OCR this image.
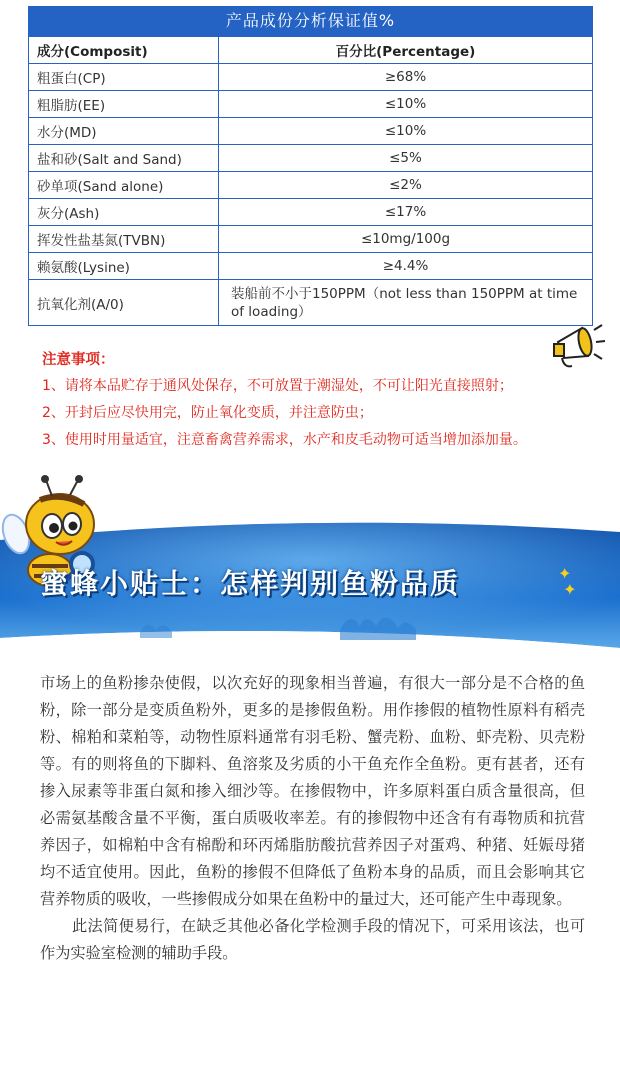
产品成份分析保证值%
成分(Composit)	百分比(Percentage)
粗蛋白(CP)	≥68%
粗脂肪(EE)	≤10%
水分(MD)	≤10%
盐和砂(Salt and Sand)	≤5%
砂单项(Sand alone)	≤2%
灰分(Ash)	≤17%
挥发性盐基氮(TVBN)	≤10mg/100g
赖氨酸(Lysine)	≥4.4%
抗氧化剂(A/0)	装船前不小于150PPM（not less than 150PPM at time of loading）
注意事项：
1、请将本品贮存于通风处保存，不可放置于潮湿处，不可让阳光直接照射；
2、开封后应尽快用完，防止氧化变质，并注意防虫；
3、使用时用量适宜，注意畜禽营养需求，水产和皮毛动物可适当增加添加量。
蜜蜂小贴士：怎样判别鱼粉品质	✦
✦

市场上的鱼粉掺杂使假，以次充好的现象相当普遍，有很大一部分是不合格的鱼粉，除一部分是变质鱼粉外，更多的是掺假鱼粉。用作掺假的植物性原料有稻壳粉、棉粕和菜粕等，动物性原料通常有羽毛粉、蟹壳粉、血粉、虾壳粉、贝壳粉等。有的则将鱼的下脚料、鱼溶浆及劣质的小干鱼充作全鱼粉。更有甚者，还有掺入尿素等非蛋白氮和掺入细沙等。在掺假物中，许多原料蛋白质含量很高，但必需氨基酸含量不平衡，蛋白质吸收率差。有的掺假物中还含有有毒物质和抗营养因子，如棉粕中含有棉酚和环丙烯脂肪酸抗营养因子对蛋鸡、种猪、妊娠母猪均不适宜使用。因此，鱼粉的掺假不但降低了鱼粉本身的品质，而且会影响其它营养物质的吸收，一些掺假成分如果在鱼粉中的量过大，还可能产生中毒现象。

此法简便易行，在缺乏其他必备化学检测手段的情况下，可采用该法，也可作为实验室检测的辅助手段。
